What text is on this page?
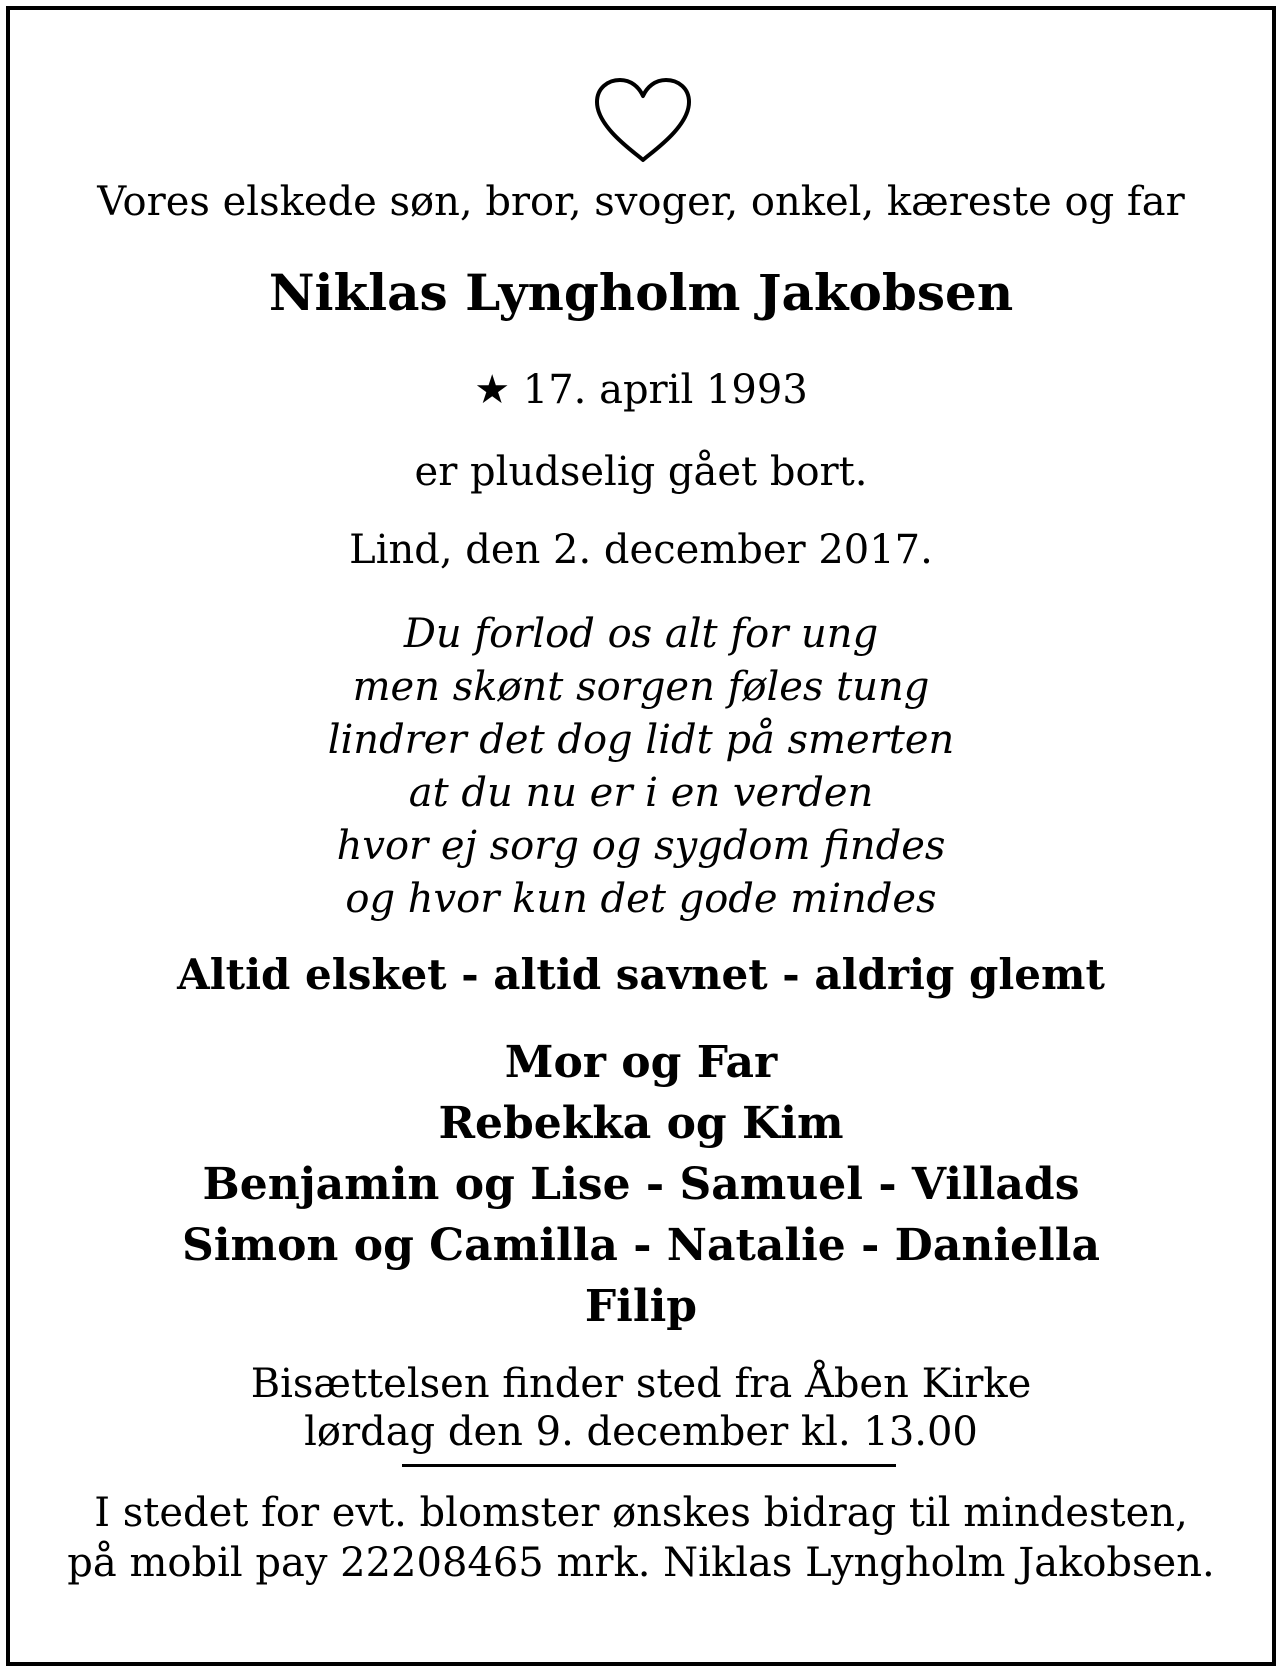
Vores elskede søn, bror, svoger, onkel, kæreste og far
Niklas Lyngholm Jakobsen
★ 17. april 1993
er pludselig gået bort.
Lind, den 2. december 2017.
Du forlod os alt for ung
men skønt sorgen føles tung
lindrer det dog lidt på smerten
at du nu er i en verden
hvor ej sorg og sygdom findes
og hvor kun det gode mindes
Altid elsket - altid savnet - aldrig glemt
Mor og Far
Rebekka og Kim
Benjamin og Lise - Samuel - Villads
Simon og Camilla - Natalie - Daniella
Filip
Bisættelsen finder sted fra Åben Kirke
lørdag den 9. december kl. 13.00
I stedet for evt. blomster ønskes bidrag til mindesten,
på mobil pay 22208465 mrk. Niklas Lyngholm Jakobsen.
